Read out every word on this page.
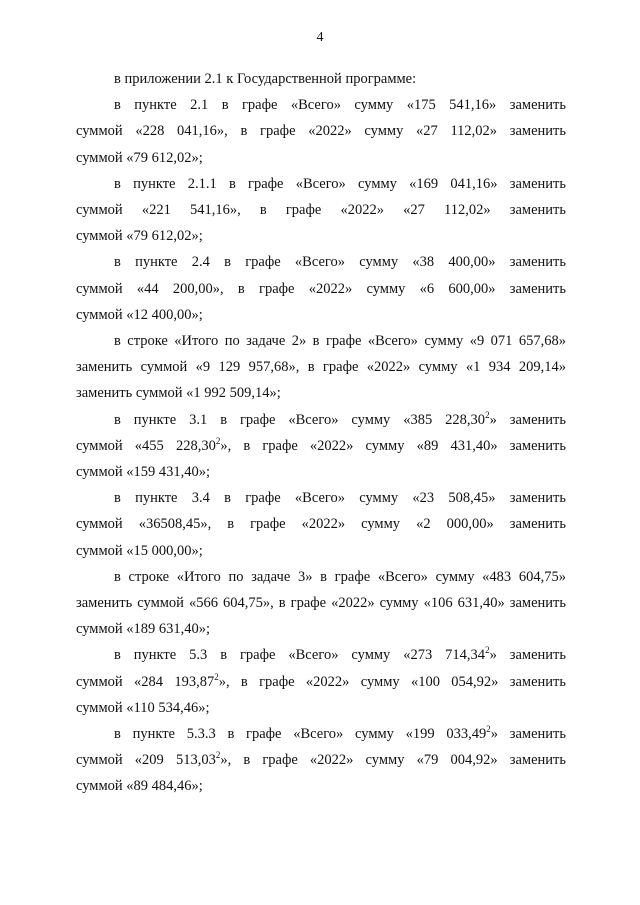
4

в приложении 2.1 к Государственной программе:

в пункте 2.1 в графе «Всего» сумму «175 541,16» заменить
суммой «228 041,16», в графе «2022» сумму «27 112,02» заменить
суммой «79 612,02»;

в пункте 2.1.1 в графе «Всего» сумму «169 041,16» заменить
суммой «221 541,16», в графе «2022» «27 112,02» заменить
суммой «79 612,02»;

в пункте 2.4 в графе «Всего» сумму «38 400,00» заменить
суммой «44 200,00», в графе «2022» сумму «6 600,00» заменить
суммой «12 400,00»;

в строке «Итого по задаче 2» в графе «Всего» сумму «9 071 657,68»
заменить суммой «9 129 957,68», в графе «2022» сумму «1 934 209,14»
заменить суммой «1 992 509,14»;

в пункте 3.1 в графе «Всего» сумму «385 228,30$^2$» заменить
суммой «455 228,30$^2$», в графе «2022» сумму «89 431,40» заменить
суммой «159 431,40»;

в пункте 3.4 в графе «Всего» сумму «23 508,45» заменить
суммой «36508,45», в графе «2022» сумму «2 000,00» заменить
суммой «15 000,00»;

в строке «Итого по задаче 3» в графе «Всего» сумму «483 604,75»
заменить суммой «566 604,75», в графе «2022» сумму «106 631,40» заменить
суммой «189 631,40»;

в пункте 5.3 в графе «Всего» сумму «273 714,34$^2$» заменить
суммой «284 193,87$^2$», в графе «2022» сумму «100 054,92» заменить
суммой «110 534,46»;

в пункте 5.3.3 в графе «Всего» сумму «199 033,49$^2$» заменить
суммой «209 513,03$^2$», в графе «2022» сумму «79 004,92» заменить
суммой «89 484,46»;
